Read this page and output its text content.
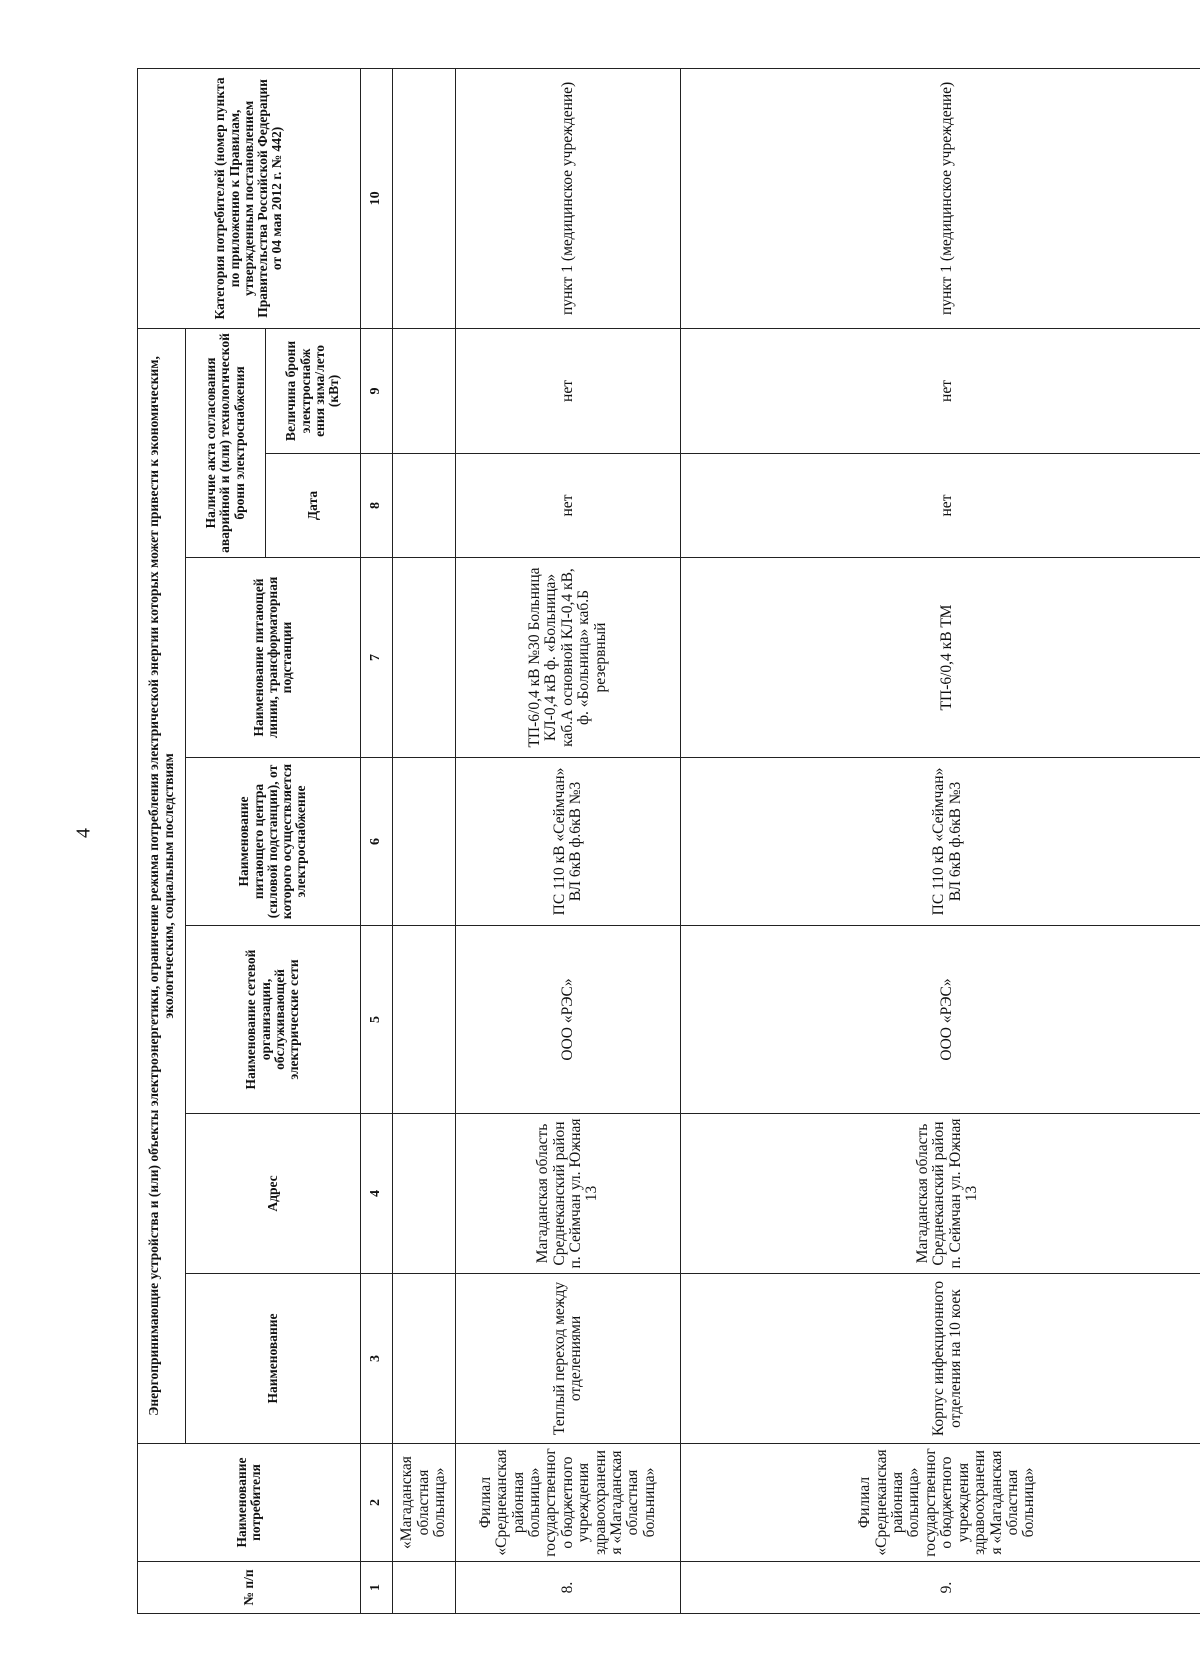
4
№ п/п	Наименование потребителя	Энергопринимающие устройства и (или) объекты электроэнергетики, ограничение режима потребления электрической энергии которых может привести к экономическим, экологическим, социальным последствиям							Категория потребителей (номер пункта по приложению к Правилам, утвержденным постановлением Правительства Российской Федерации от 04 мая 2012 г. № 442)
		Наименование	Адрес	Наименование сетевой организации, обслуживающей электрические сети	Наименование питающего центра (силовой подстанции), от которого осуществляется электроснабжение	Наименование питающей линии, трансформаторная подстанции	Наличие акта согласования аварийной и (или) технологической брони электроснабжения		
							Дата	Величина брони электроснабж ения зима/лето (кВт)	
1	2	3	4	5	6	7	8	9	10
	«Магаданская областная больница»								
8.	Филиал «Среднеканская районная больница» государственного бюджетного учреждения здравоохранения «Магаданская областная больница»	Теплый переход между отделениями	Магаданская область Среднеканский район п. Сеймчан ул. Южная 13	ООО «РЭС»	ПС 110 кВ «Сеймчан» ВЛ 6кВ ф.6кВ №3	ТП-6/0,4 кВ №30 Больница КЛ-0,4 кВ ф. «Больница» каб.А основной КЛ-0,4 кВ, ф. «Больница» каб.Б резервный	нет	нет	пункт 1 (медицинское учреждение)
9.	Филиал «Среднеканская районная больница» государственного бюджетного учреждения здравоохранения «Магаданская областная больница»	Корпус инфекционного отделения на 10 коек	Магаданская область Среднеканский район п. Сеймчан ул. Южная 13	ООО «РЭС»	ПС 110 кВ «Сеймчан» ВЛ 6кВ ф.6кВ №3	ТП-6/0,4 кВ ТМ	нет	нет	пункт 1 (медицинское учреждение)
